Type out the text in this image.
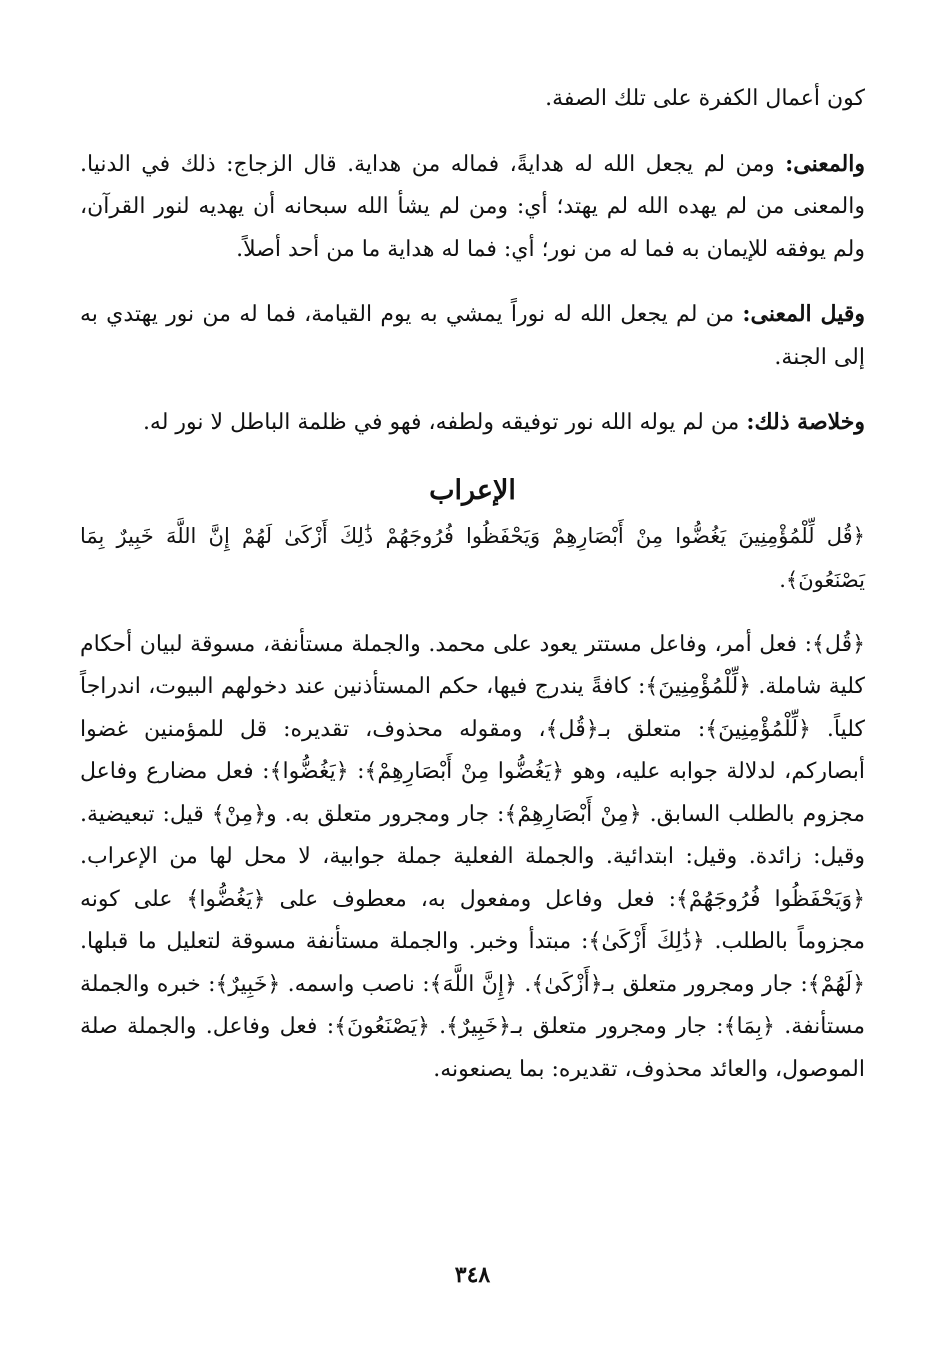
كون أعمال الكفرة على تلك الصفة.

والمعنى: ومن لم يجعل الله له هدايةً، فماله من هداية. قال الزجاج: ذلك في الدنيا. والمعنى من لم يهده الله لم يهتد؛ أي: ومن لم يشأ الله سبحانه أن يهديه لنور القرآن، ولم يوفقه للإيمان به فما له من نور؛ أي: فما له هداية ما من أحد أصلاً.

وقيل المعنى: من لم يجعل الله له نوراً يمشي به يوم القيامة، فما له من نور يهتدي به إلى الجنة.

وخلاصة ذلك: من لم يوله الله نور توفيقه ولطفه، فهو في ظلمة الباطل لا نور له.

الإعراب

﴿قُل لِّلْمُؤْمِنِينَ يَغُضُّوا مِنْ أَبْصَارِهِمْ وَيَحْفَظُوا فُرُوجَهُمْ ذَٰلِكَ أَزْكَىٰ لَهُمْ إِنَّ اللَّهَ خَبِيرٌ بِمَا يَصْنَعُونَ﴾.

﴿قُل﴾: فعل أمر، وفاعل مستتر يعود على محمد. والجملة مستأنفة، مسوقة لبيان أحكام كلية شاملة. ﴿لِّلْمُؤْمِنِينَ﴾: كافةً يندرج فيها، حكم المستأذنين عند دخولهم البيوت، اندراجاً كلياً. ﴿لِّلْمُؤْمِنِينَ﴾: متعلق بـ﴿قُل﴾، ومقوله محذوف، تقديره: قل للمؤمنين غضوا أبصاركم، لدلالة جوابه عليه، وهو ﴿يَغُضُّوا مِنْ أَبْصَارِهِمْ﴾: ﴿يَغُضُّوا﴾: فعل مضارع وفاعل مجزوم بالطلب السابق. ﴿مِنْ أَبْصَارِهِمْ﴾: جار ومجرور متعلق به. و﴿مِنْ﴾ قيل: تبعيضية. وقيل: زائدة. وقيل: ابتدائية. والجملة الفعلية جملة جوابية، لا محل لها من الإعراب. ﴿وَيَحْفَظُوا فُرُوجَهُمْ﴾: فعل وفاعل ومفعول به، معطوف على ﴿يَغُضُّوا﴾ على كونه مجزوماً بالطلب. ﴿ذَٰلِكَ أَزْكَىٰ﴾: مبتدأ وخبر. والجملة مستأنفة مسوقة لتعليل ما قبلها. ﴿لَهُمْ﴾: جار ومجرور متعلق بـ﴿أَزْكَىٰ﴾. ﴿إِنَّ اللَّهَ﴾: ناصب واسمه. ﴿خَبِيرٌ﴾: خبره والجملة مستأنفة. ﴿بِمَا﴾: جار ومجرور متعلق بـ﴿خَبِيرٌ﴾. ﴿يَصْنَعُونَ﴾: فعل وفاعل. والجملة صلة الموصول، والعائد محذوف، تقديره: بما يصنعونه.

٣٤٨
